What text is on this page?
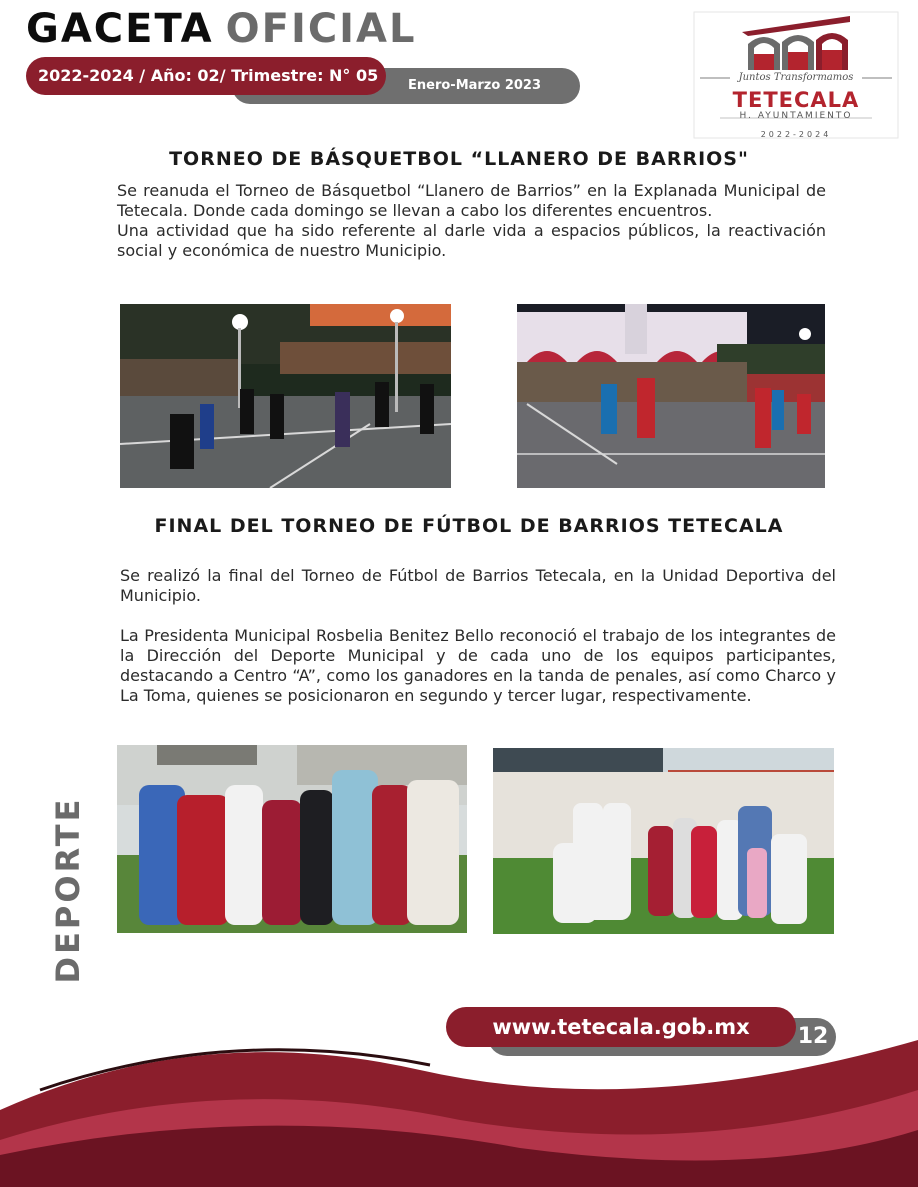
GACETA OFICIAL
2022-2024 / Año: 02/ Trimestre: N° 05
Enero-Marzo 2023
Juntos Transformamos
TETECALA
H. AYUNTAMIENTO
2022-2024
TORNEO DE BÁSQUETBOL “LLANERO DE BARRIOS"

Se reanuda el Torneo de Básquetbol “Llanero de Barrios” en la Explanada Municipal de Tetecala. Donde cada domingo se llevan a cabo los diferentes encuentros.

Una actividad que ha sido referente al darle vida a espacios públicos, la reactivación social y económica de nuestro Municipio.

FINAL DEL TORNEO DE FÚTBOL DE BARRIOS TETECALA

Se realizó la final del Torneo de Fútbol de Barrios Tetecala, en la Unidad Deportiva del Municipio.

La Presidenta Municipal Rosbelia Benitez Bello reconoció el trabajo de los integrantes de la Dirección del Deporte Municipal y de cada uno de los equipos participantes, destacando a Centro “A”, como los ganadores en la tanda de penales, así como Charco y La Toma, quienes se posicionaron en segundo y tercer lugar, respectivamente.

DEPORTE
www.tetecala.gob.mx	12
